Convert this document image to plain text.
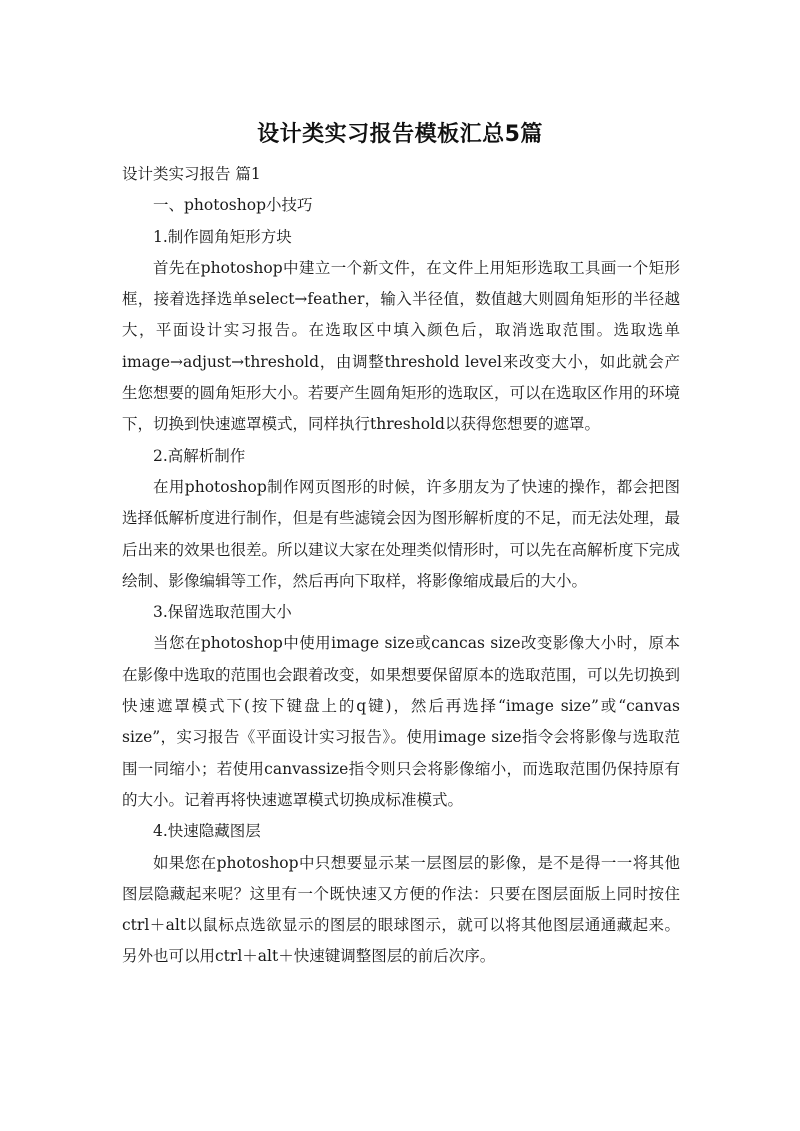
设计类实习报告模板汇总5篇

设计类实习报告 篇1

一、photoshop小技巧

1.制作圆角矩形方块

首先在photoshop中建立一个新文件，在文件上用矩形选取工具画一个矩形框，接着选择选单select→feather，输入半径值，数值越大则圆角矩形的半径越大，平面设计实习报告。在选取区中填入颜色后，取消选取范围。选取选单image→adjust→threshold，由调整threshold level来改变大小，如此就会产生您想要的圆角矩形大小。若要产生圆角矩形的选取区，可以在选取区作用的环境下，切换到快速遮罩模式，同样执行threshold以获得您想要的遮罩。

2.高解析制作

在用photoshop制作网页图形的时候，许多朋友为了快速的操作，都会把图选择低解析度进行制作，但是有些滤镜会因为图形解析度的不足，而无法处理，最后出来的效果也很差。所以建议大家在处理类似情形时，可以先在高解析度下完成绘制、影像编辑等工作，然后再向下取样，将影像缩成最后的大小。

3.保留选取范围大小

当您在photoshop中使用image size或cancas size改变影像大小时，原本在影像中选取的范围也会跟着改变，如果想要保留原本的选取范围，可以先切换到快速遮罩模式下(按下键盘上的q键)，然后再选择“image size”或“canvas size”，实习报告《平面设计实习报告》。使用image size指令会将影像与选取范围一同缩小；若使用canvassize指令则只会将影像缩小，而选取范围仍保持原有的大小。记着再将快速遮罩模式切换成标准模式。

4.快速隐藏图层

如果您在photoshop中只想要显示某一层图层的影像，是不是得一一将其他图层隐藏起来呢？这里有一个既快速又方便的作法：只要在图层面版上同时按住ctrl＋alt以鼠标点选欲显示的图层的眼球图示，就可以将其他图层通通藏起来。另外也可以用ctrl＋alt＋快速键调整图层的前后次序。
